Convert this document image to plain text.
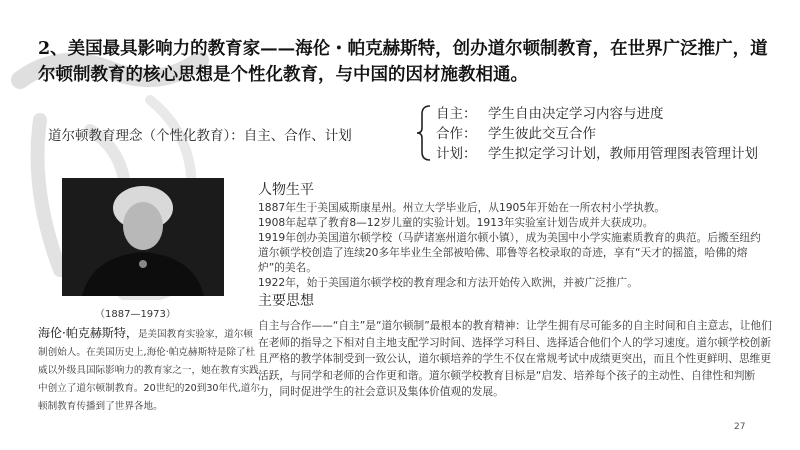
2、美国最具影响力的教育家——海伦・帕克赫斯特，创办道尔顿制教育，在世界广泛推广，道尔顿制教育的核心思想是个性化教育，与中国的因材施教相通。
道尔顿教育理念（个性化教育）：自主、合作、计划
自主： 学生自由决定学习内容与进度
合作： 学生彼此交互合作
计划： 学生拟定学习计划，教师用管理图表管理计划
（1887—1973）
海伦·帕克赫斯特，是美国教育实验家，道尔顿制创始人。在美国历史上,海伦·帕克赫斯特是除了杜威以外级具国际影响力的教育家之一，她在教育实践中创立了道尔顿制教育。20世纪的20到30年代,道尔顿制教育传播到了世界各地。
人物生平
1887年生于美国威斯康星州。州立大学毕业后，从1905年开始在一所农村小学执教。
1908年起草了教育8—12岁儿童的实验计划。1913年实验室计划告成并大获成功。
1919年创办美国道尔顿学校（马萨诸塞州道尔顿小镇），成为美国中小学实施素质教育的典范。后搬至纽约道尔顿学校创造了连续20多年毕业生全部被哈佛、耶鲁等名校录取的奇迹，享有“天才的摇篮，哈佛的熔炉”的美名。
1922年，始于美国道尔顿学校的教育理念和方法开始传入欧洲，并被广泛推广。
主要思想
自主与合作——“自主”是“道尔顿制”最根本的教育精神：让学生拥有尽可能多的自主时间和自主意志，让他们在老师的指导之下相对自主地支配学习时间、选择学习科目、选择适合他们个人的学习速度。道尔顿学校创新且严格的教学体制受到一致公认，道尔顿培养的学生不仅在常规考试中成绩更突出，而且个性更鲜明、思维更活跃，与同学和老师的合作更和谐。道尔顿学校教育目标是“启发、培养每个孩子的主动性、自律性和判断力，同时促进学生的社会意识及集体价值观的发展。
27
